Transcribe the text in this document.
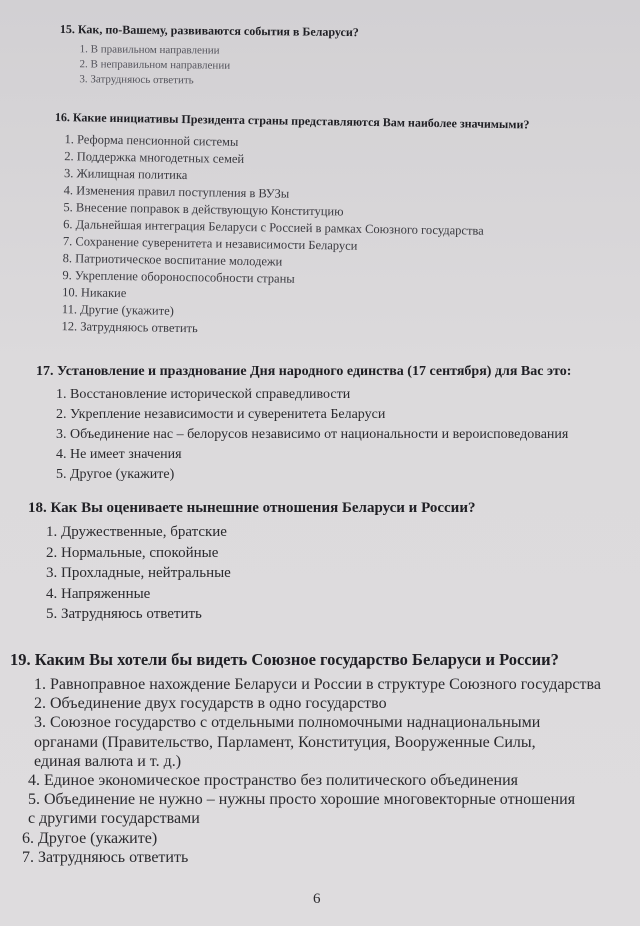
15. Как, по-Вашему, развиваются события в Беларуси?
1. В правильном направлении
2. В неправильном направлении
3. Затрудняюсь ответить
16. Какие инициативы Президента страны представляются Вам наиболее значимыми?
1. Реформа пенсионной системы
2. Поддержка многодетных семей
3. Жилищная политика
4. Изменения правил поступления в ВУЗы
5. Внесение поправок в действующую Конституцию
6. Дальнейшая интеграция Беларуси с Россией в рамках Союзного государства
7. Сохранение суверенитета и независимости Беларуси
8. Патриотическое воспитание молодежи
9. Укрепление обороноспособности страны
10. Никакие
11. Другие (укажите)
12. Затрудняюсь ответить
17. Установление и празднование Дня народного единства (17 сентября) для Вас это:
1. Восстановление исторической справедливости
2. Укрепление независимости и суверенитета Беларуси
3. Объединение нас – белорусов независимо от национальности и вероисповедования
4. Не имеет значения
5. Другое (укажите)
18. Как Вы оцениваете нынешние отношения Беларуси и России?
1. Дружественные, братские
2. Нормальные, спокойные
3. Прохладные, нейтральные
4. Напряженные
5. Затрудняюсь ответить
19. Каким Вы хотели бы видеть Союзное государство Беларуси и России?
1. Равноправное нахождение Беларуси и России в структуре Союзного государства
2. Объединение двух государств в одно государство
3. Союзное государство с отдельными полномочными наднациональными
органами (Правительство, Парламент, Конституция, Вооруженные Силы,
единая валюта и т. д.)
4. Единое экономическое пространство без политического объединения
5. Объединение не нужно – нужны просто хорошие многовекторные отношения
с другими государствами
6. Другое (укажите)
7. Затрудняюсь ответить
6
